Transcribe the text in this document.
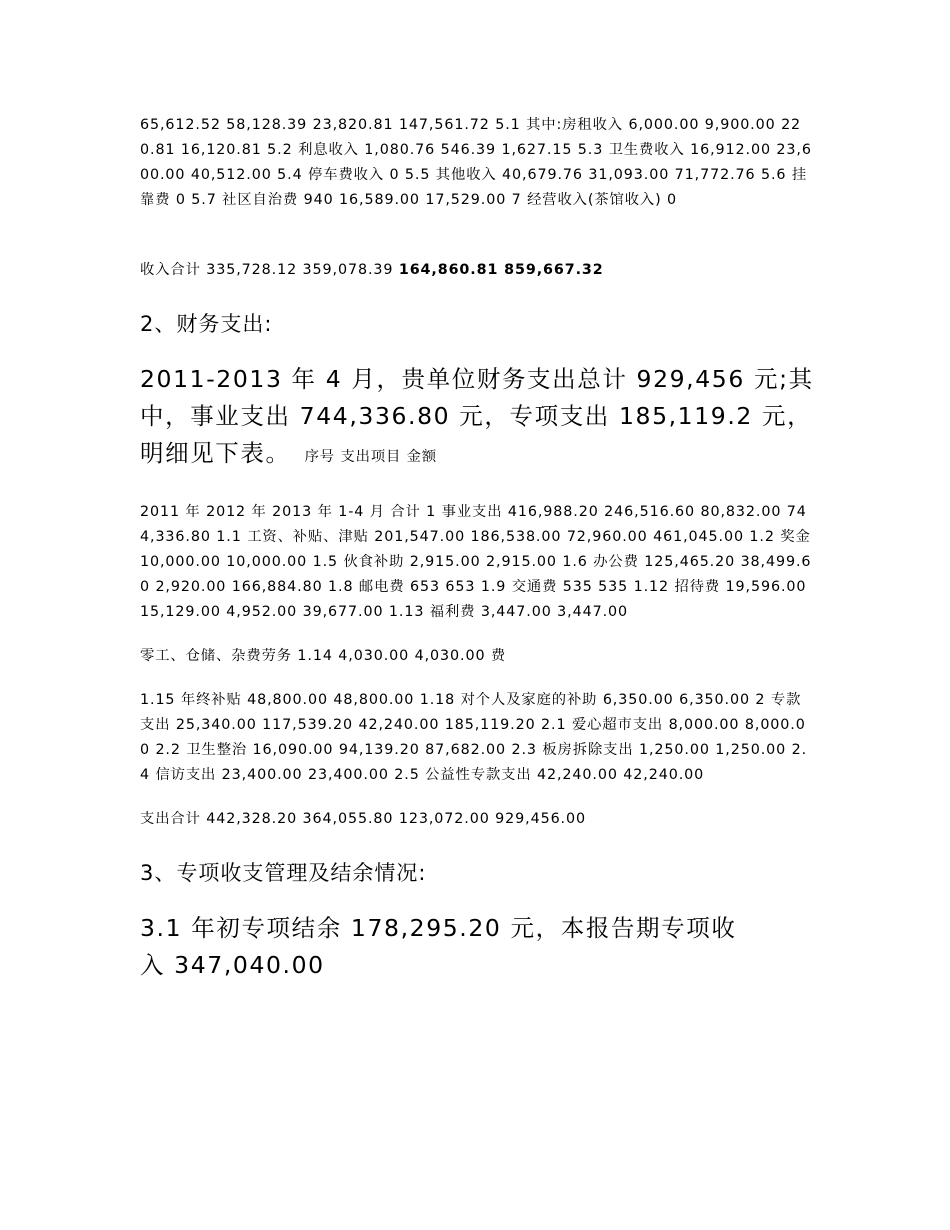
65,612.52 58,128.39 23,820.81 147,561.72 5.1 其中:房租收入 6,000.00 9,900.00 220.81 16,120.81 5.2 利息收入 1,080.76 546.39 1,627.15 5.3 卫生费收入 16,912.00 23,600.00 40,512.00 5.4 停车费收入 0 5.5 其他收入 40,679.76 31,093.00 71,772.76 5.6 挂靠费 0 5.7 社区自治费 940 16,589.00 17,529.00 7 经营收入(茶馆收入) 0

收入合计 335,728.12 359,078.39 164,860.81 859,667.32

2、财务支出:

2011-2013 年 4 月，贵单位财务支出总计 929,456 元;其中，事业支出 744,336.80 元，专项支出 185,119.2 元，明细见下表。 序号 支出项目 金额

2011 年 2012 年 2013 年 1-4 月 合计 1 事业支出 416,988.20 246,516.60 80,832.00 744,336.80 1.1 工资、补贴、津贴 201,547.00 186,538.00 72,960.00 461,045.00 1.2 奖金 10,000.00 10,000.00 1.5 伙食补助 2,915.00 2,915.00 1.6 办公费 125,465.20 38,499.60 2,920.00 166,884.80 1.8 邮电费 653 653 1.9 交通费 535 535 1.12 招待费 19,596.00 15,129.00 4,952.00 39,677.00 1.13 福利费 3,447.00 3,447.00

零工、仓储、杂费劳务 1.14 4,030.00 4,030.00 费

1.15 年终补贴 48,800.00 48,800.00 1.18 对个人及家庭的补助 6,350.00 6,350.00 2 专款支出 25,340.00 117,539.20 42,240.00 185,119.20 2.1 爱心超市支出 8,000.00 8,000.00 2.2 卫生整治 16,090.00 94,139.20 87,682.00 2.3 板房拆除支出 1,250.00 1,250.00 2.4 信访支出 23,400.00 23,400.00 2.5 公益性专款支出 42,240.00 42,240.00

支出合计 442,328.20 364,055.80 123,072.00 929,456.00

3、专项收支管理及结余情况:

3.1 年初专项结余 178,295.20 元，本报告期专项收入 347,040.00
